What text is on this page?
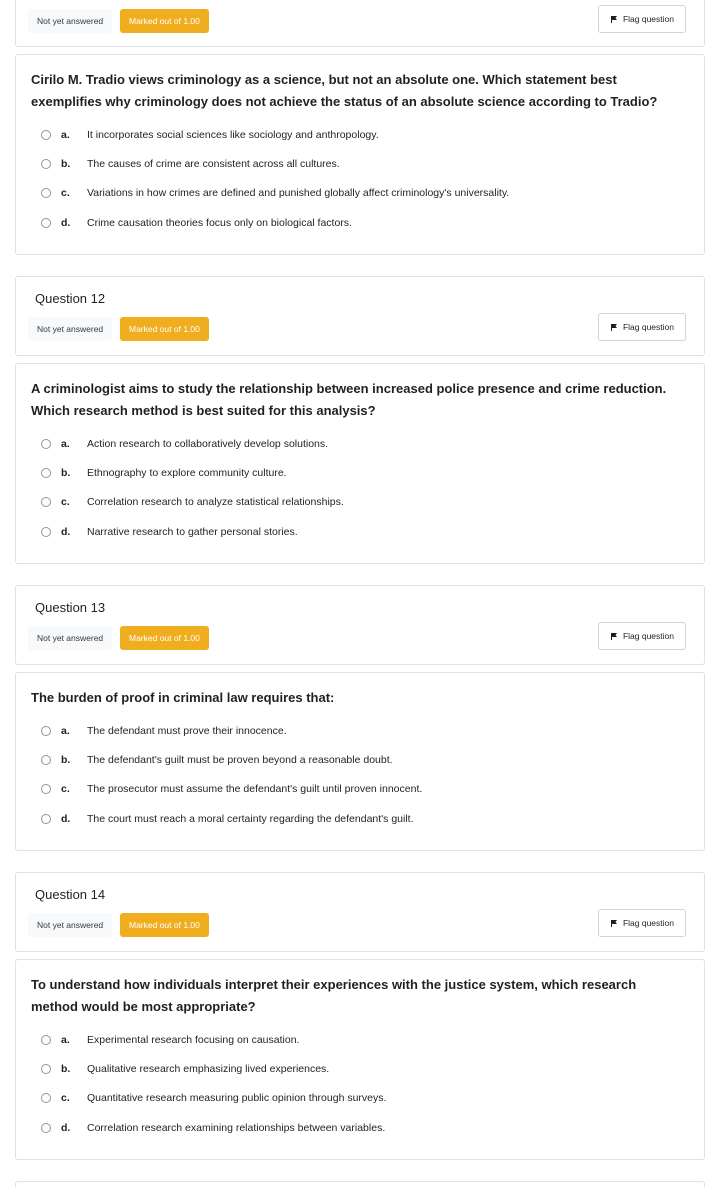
Not yet answered	Marked out of 1.00	Flag question
Cirilo M. Tradio views criminology as a science, but not an absolute one. Which statement best exemplifies why criminology does not achieve the status of an absolute science according to Tradio?
a.	It incorporates social sciences like sociology and anthropology.
b.	The causes of crime are consistent across all cultures.
c.	Variations in how crimes are defined and punished globally affect criminology's universality.
d.	Crime causation theories focus only on biological factors.
Question 12
Not yet answered	Marked out of 1.00	Flag question
A criminologist aims to study the relationship between increased police presence and crime reduction. Which research method is best suited for this analysis?
a.	Action research to collaboratively develop solutions.
b.	Ethnography to explore community culture.
c.	Correlation research to analyze statistical relationships.
d.	Narrative research to gather personal stories.
Question 13
Not yet answered	Marked out of 1.00	Flag question
The burden of proof in criminal law requires that:
a.	The defendant must prove their innocence.
b.	The defendant's guilt must be proven beyond a reasonable doubt.
c.	The prosecutor must assume the defendant's guilt until proven innocent.
d.	The court must reach a moral certainty regarding the defendant's guilt.
Question 14
Not yet answered	Marked out of 1.00	Flag question
To understand how individuals interpret their experiences with the justice system, which research method would be most appropriate?
a.	Experimental research focusing on causation.
b.	Qualitative research emphasizing lived experiences.
c.	Quantitative research measuring public opinion through surveys.
d.	Correlation research examining relationships between variables.
